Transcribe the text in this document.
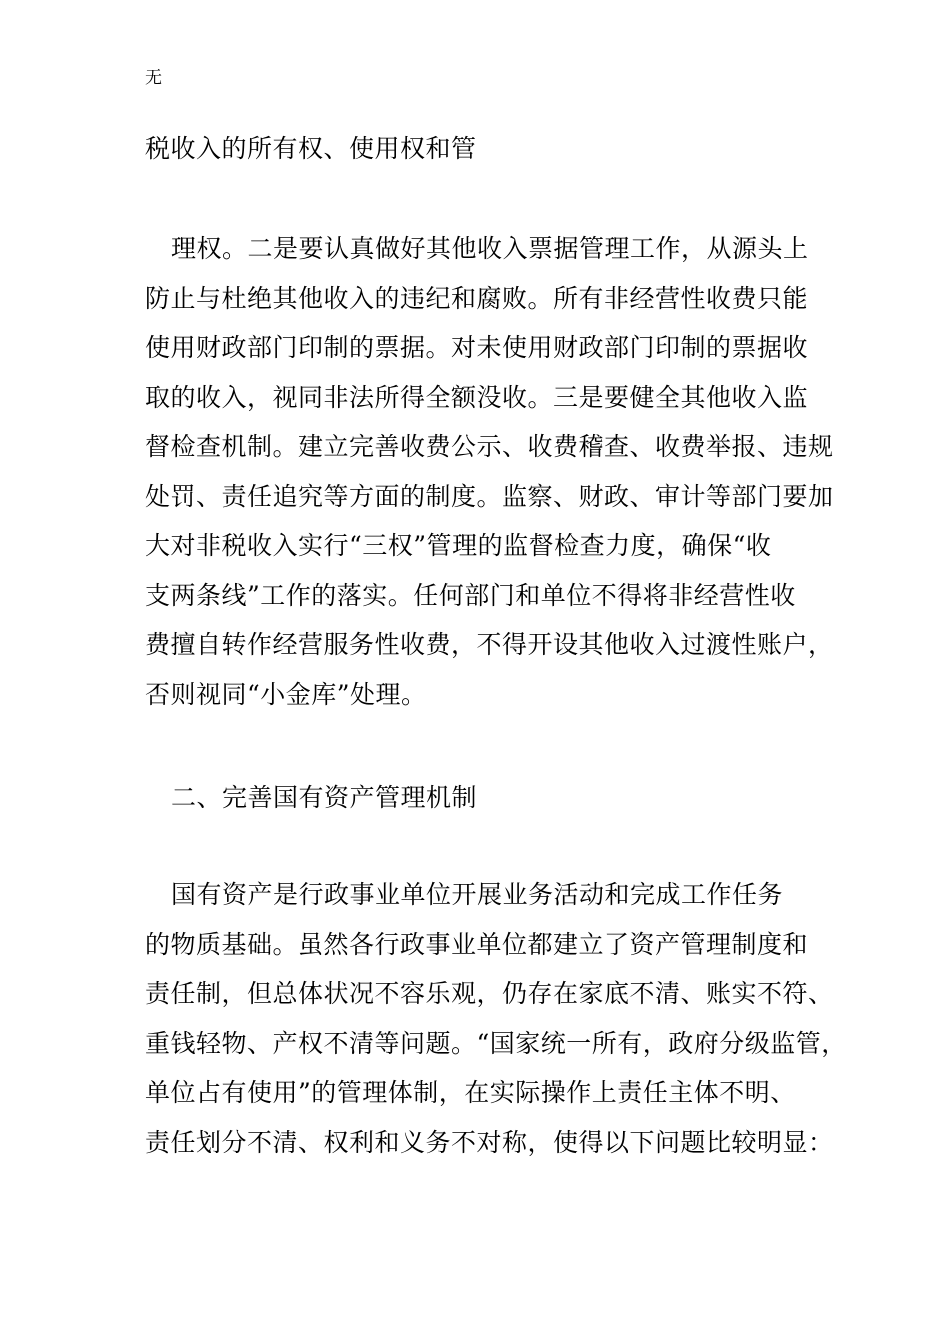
无

税收入的所有权、使用权和管

理权。二是要认真做好其他收入票据管理工作，从源头上
防止与杜绝其他收入的违纪和腐败。所有非经营性收费只能
使用财政部门印制的票据。对未使用财政部门印制的票据收
取的收入，视同非法所得全额没收。三是要健全其他收入监
督检查机制。建立完善收费公示、收费稽查、收费举报、违规
处罚、责任追究等方面的制度。监察、财政、审计等部门要加
大对非税收入实行“三权”管理的监督检查力度，确保“收
支两条线”工作的落实。任何部门和单位不得将非经营性收
费擅自转作经营服务性收费，不得开设其他收入过渡性账户，
否则视同“小金库”处理。

二、完善国有资产管理机制

国有资产是行政事业单位开展业务活动和完成工作任务
的物质基础。虽然各行政事业单位都建立了资产管理制度和
责任制，但总体状况不容乐观，仍存在家底不清、账实不符、
重钱轻物、产权不清等问题。“国家统一所有，政府分级监管，
单位占有使用”的管理体制，在实际操作上责任主体不明、
责任划分不清、权利和义务不对称，使得以下问题比较明显：
